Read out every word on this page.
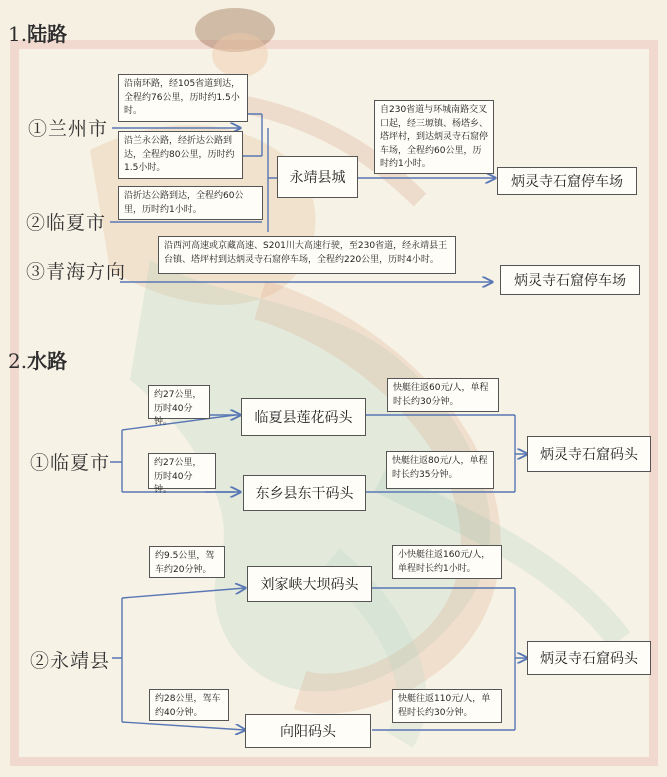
1.陆路
①兰州市
②临夏市
③青海方向
沿南环路，经105省道到达，全程约76公里，历时约1.5小时。
沿兰永公路，经折达公路到达，全程约80公里，历时约1.5小时。
沿折达公路到达，全程约60公里，历时约1小时。
永靖县城
自230省道与环城南路交叉口起，经三塬镇、杨塔乡、塔坪村，到达炳灵寺石窟停车场，全程约60公里，历时约1小时。
炳灵寺石窟停车场
沿西河高速或京藏高速、S201川大高速行驶，至230省道，经永靖县王台镇、塔坪村到达炳灵寺石窟停车场，全程约220公里，历时4小时。
炳灵寺石窟停车场
2.水路
①临夏市
②永靖县
约27公里，历时40分钟。	临夏县莲花码头
快艇往返60元/人，单程时长约30分钟。
约27公里，历时40分钟。	东乡县东干码头
快艇往返80元/人，单程时长约35分钟。
炳灵寺石窟码头
约9.5公里，驾车约20分钟。
刘家峡大坝码头
小快艇往返160元/人，单程时长约1小时。
炳灵寺石窟码头
约28公里，驾车约40分钟。
快艇往返110元/人，单程时长约30分钟。
向阳码头
